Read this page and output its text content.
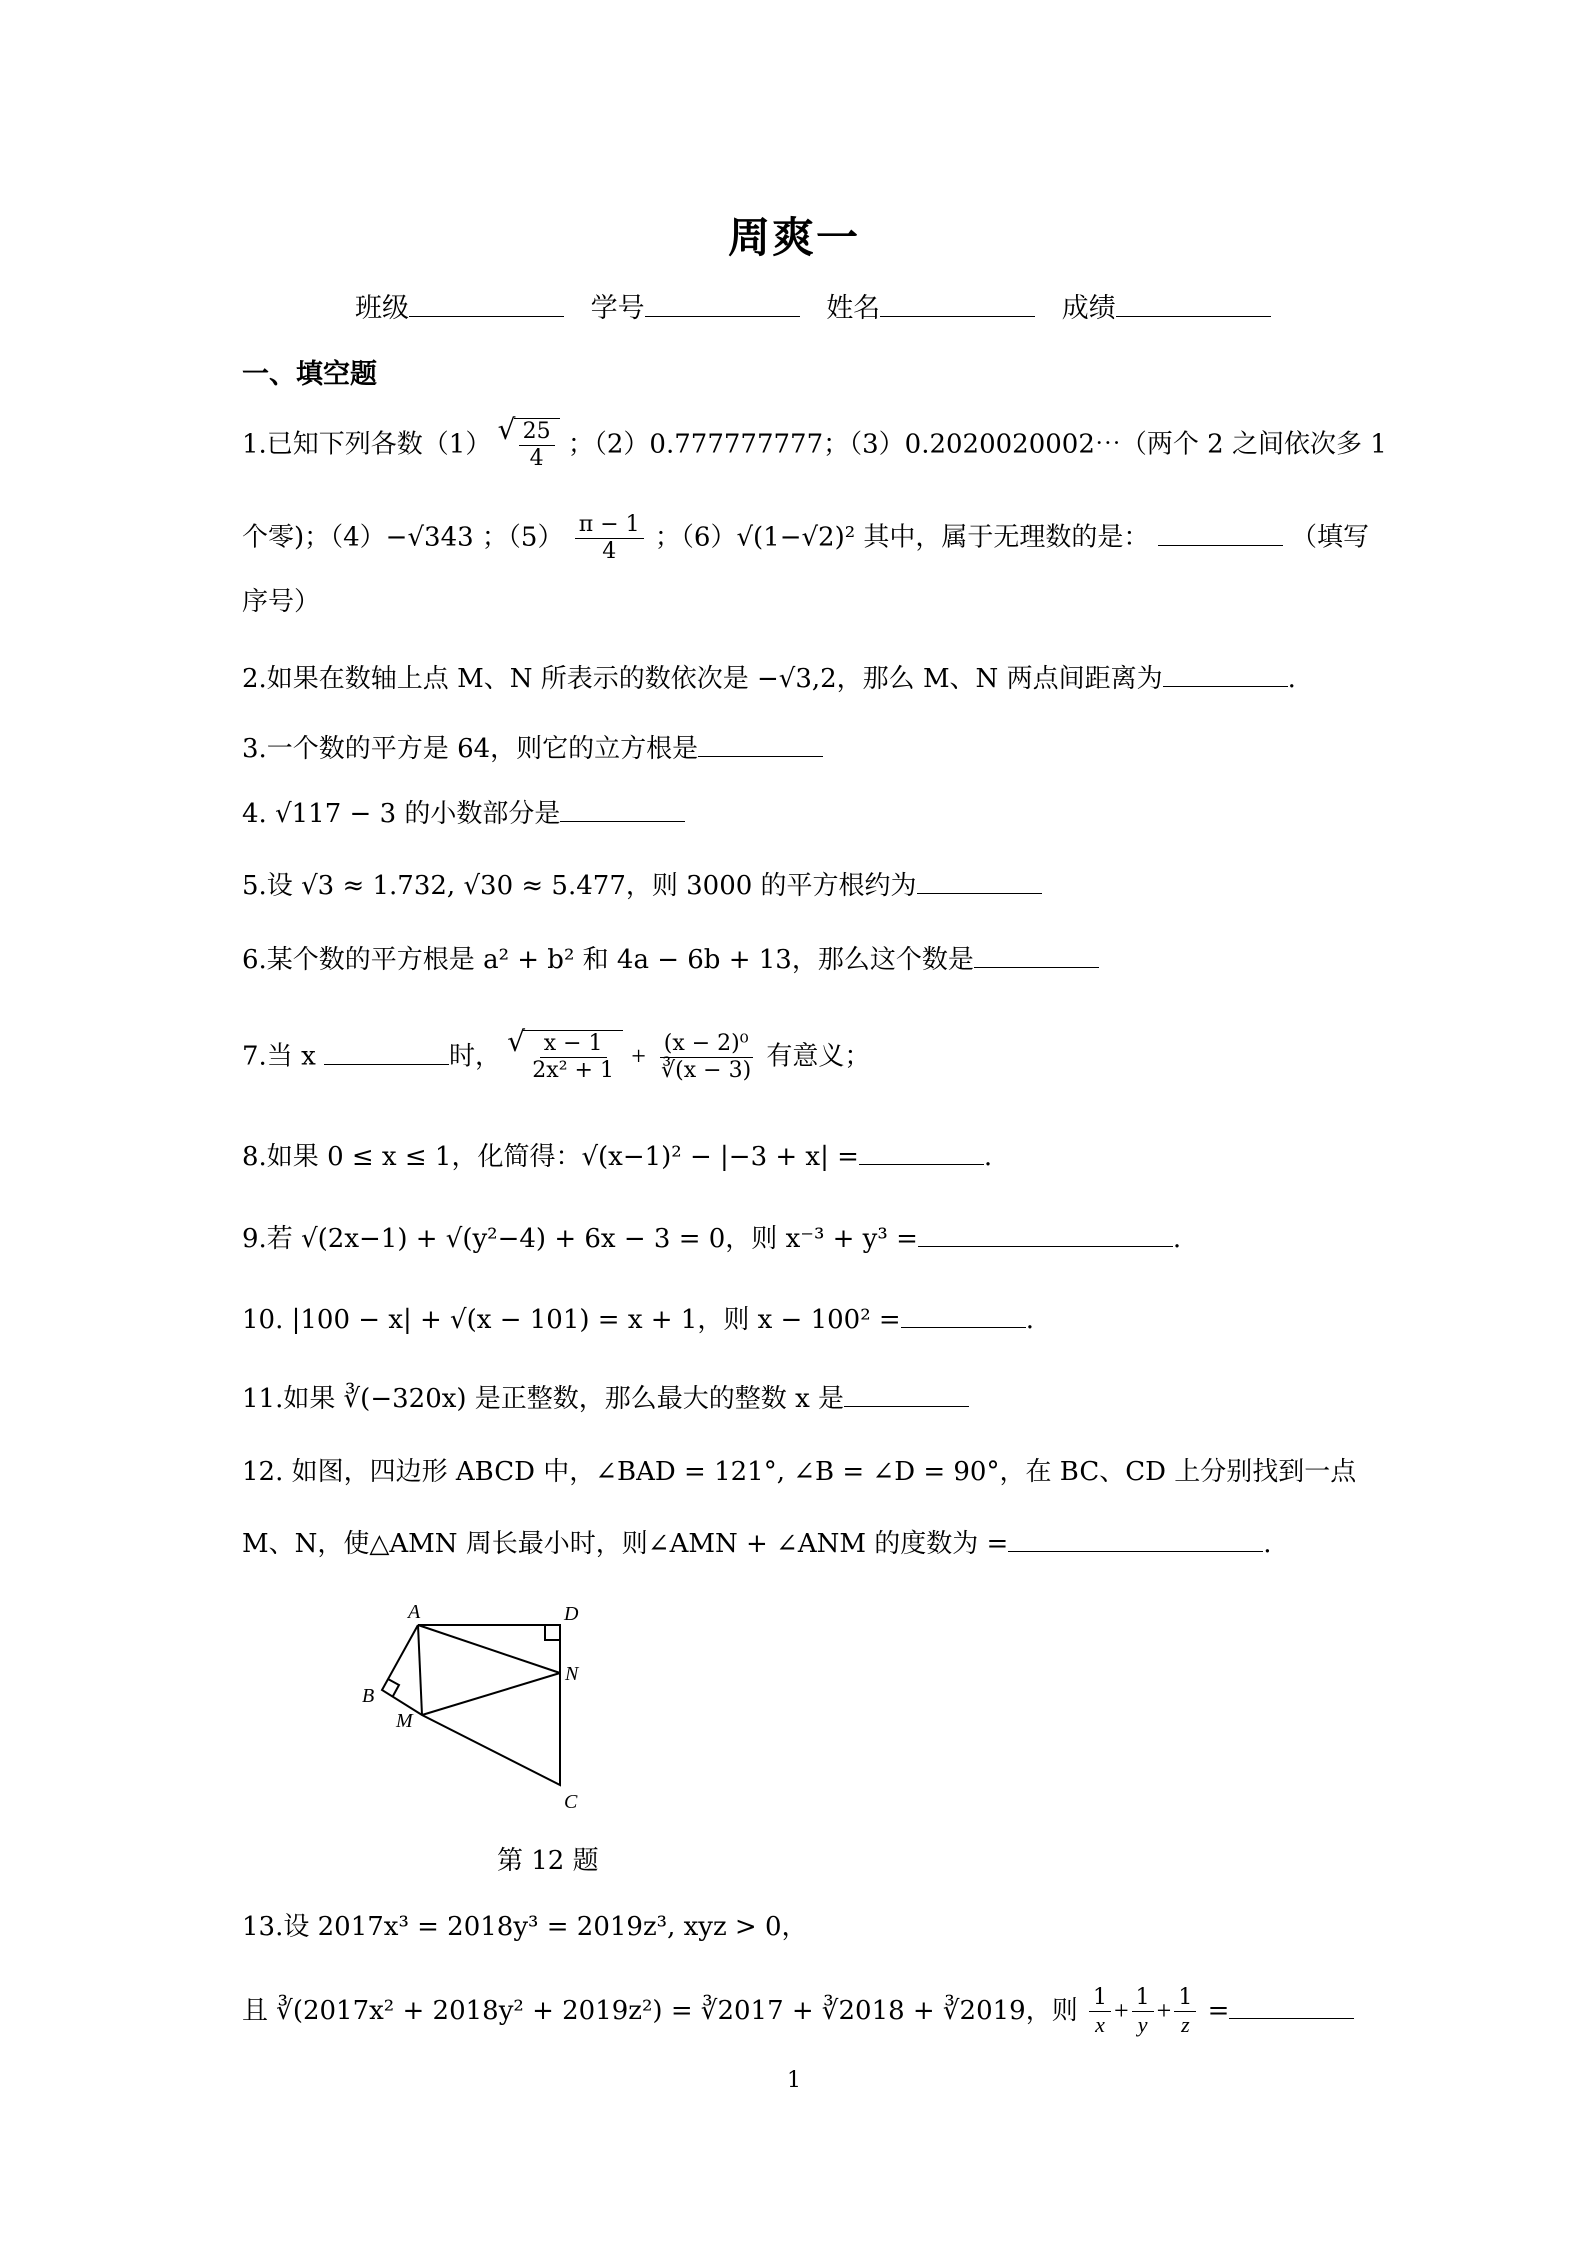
周爽一
班级	学号	姓名	成绩
一、填空题
1.已知下列各数（1） √ $\frac{25}{4}$ ；（2）0.777777777；（3）0.2020020002⋯（两个 2 之间依次多 1
个零)；（4）−√343 ；$(5) \frac{\pi - 1}{4}$ ；（6）√(1−√2)² 其中，属于无理数的是：	（填写
序号）
2.如果在数轴上点 M、N 所表示的数依次是 −√3,2，那么 M、N 两点间距离为	.
3.一个数的平方是 64，则它的立方根是
4. √117 − 3 的小数部分是
5.设 √3 ≈ 1.732, √30 ≈ 5.477，则 3000 的平方根约为
6.某个数的平方根是 a² + b² 和 4a − 6b + 13，那么这个数是
7.当 x	时， √ $\frac{x - 1}{\text{2x² + 1}} + \frac{\text{(x − 2)⁰}}{∛(x - 3)}$ 有意义；
8.如果 0 ≤ x ≤ 1，化简得：√(x−1)² − |−3 + x| =	.
9.若 √(2x−1) + √(y²−4) + 6x − 3 = 0，则 x⁻³ + y³ =	.
10. |100 − x| + √(x − 101) = x + 1，则 x − 100² =	.
11.如果 ∛(−320x) 是正整数，那么最大的整数 x 是
12. 如图，四边形 ABCD 中，∠BAD = 121°, ∠B = ∠D = 90°，在 BC、CD 上分别找到一点
M、N，使△AMN 周长最小时，则∠AMN + ∠ANM 的度数为 =	.
A	D
N
B
M
C
第 12 题
13.设 2017x³ = 2018y³ = 2019z³, xyz > 0，
且 ∛(2017x² + 2018y² + 2019z²) = ∛2017 + ∛2018 + ∛2019，则 $\frac{1}{x} + \frac{1}{y} + \frac{1}{z}$ =
1
